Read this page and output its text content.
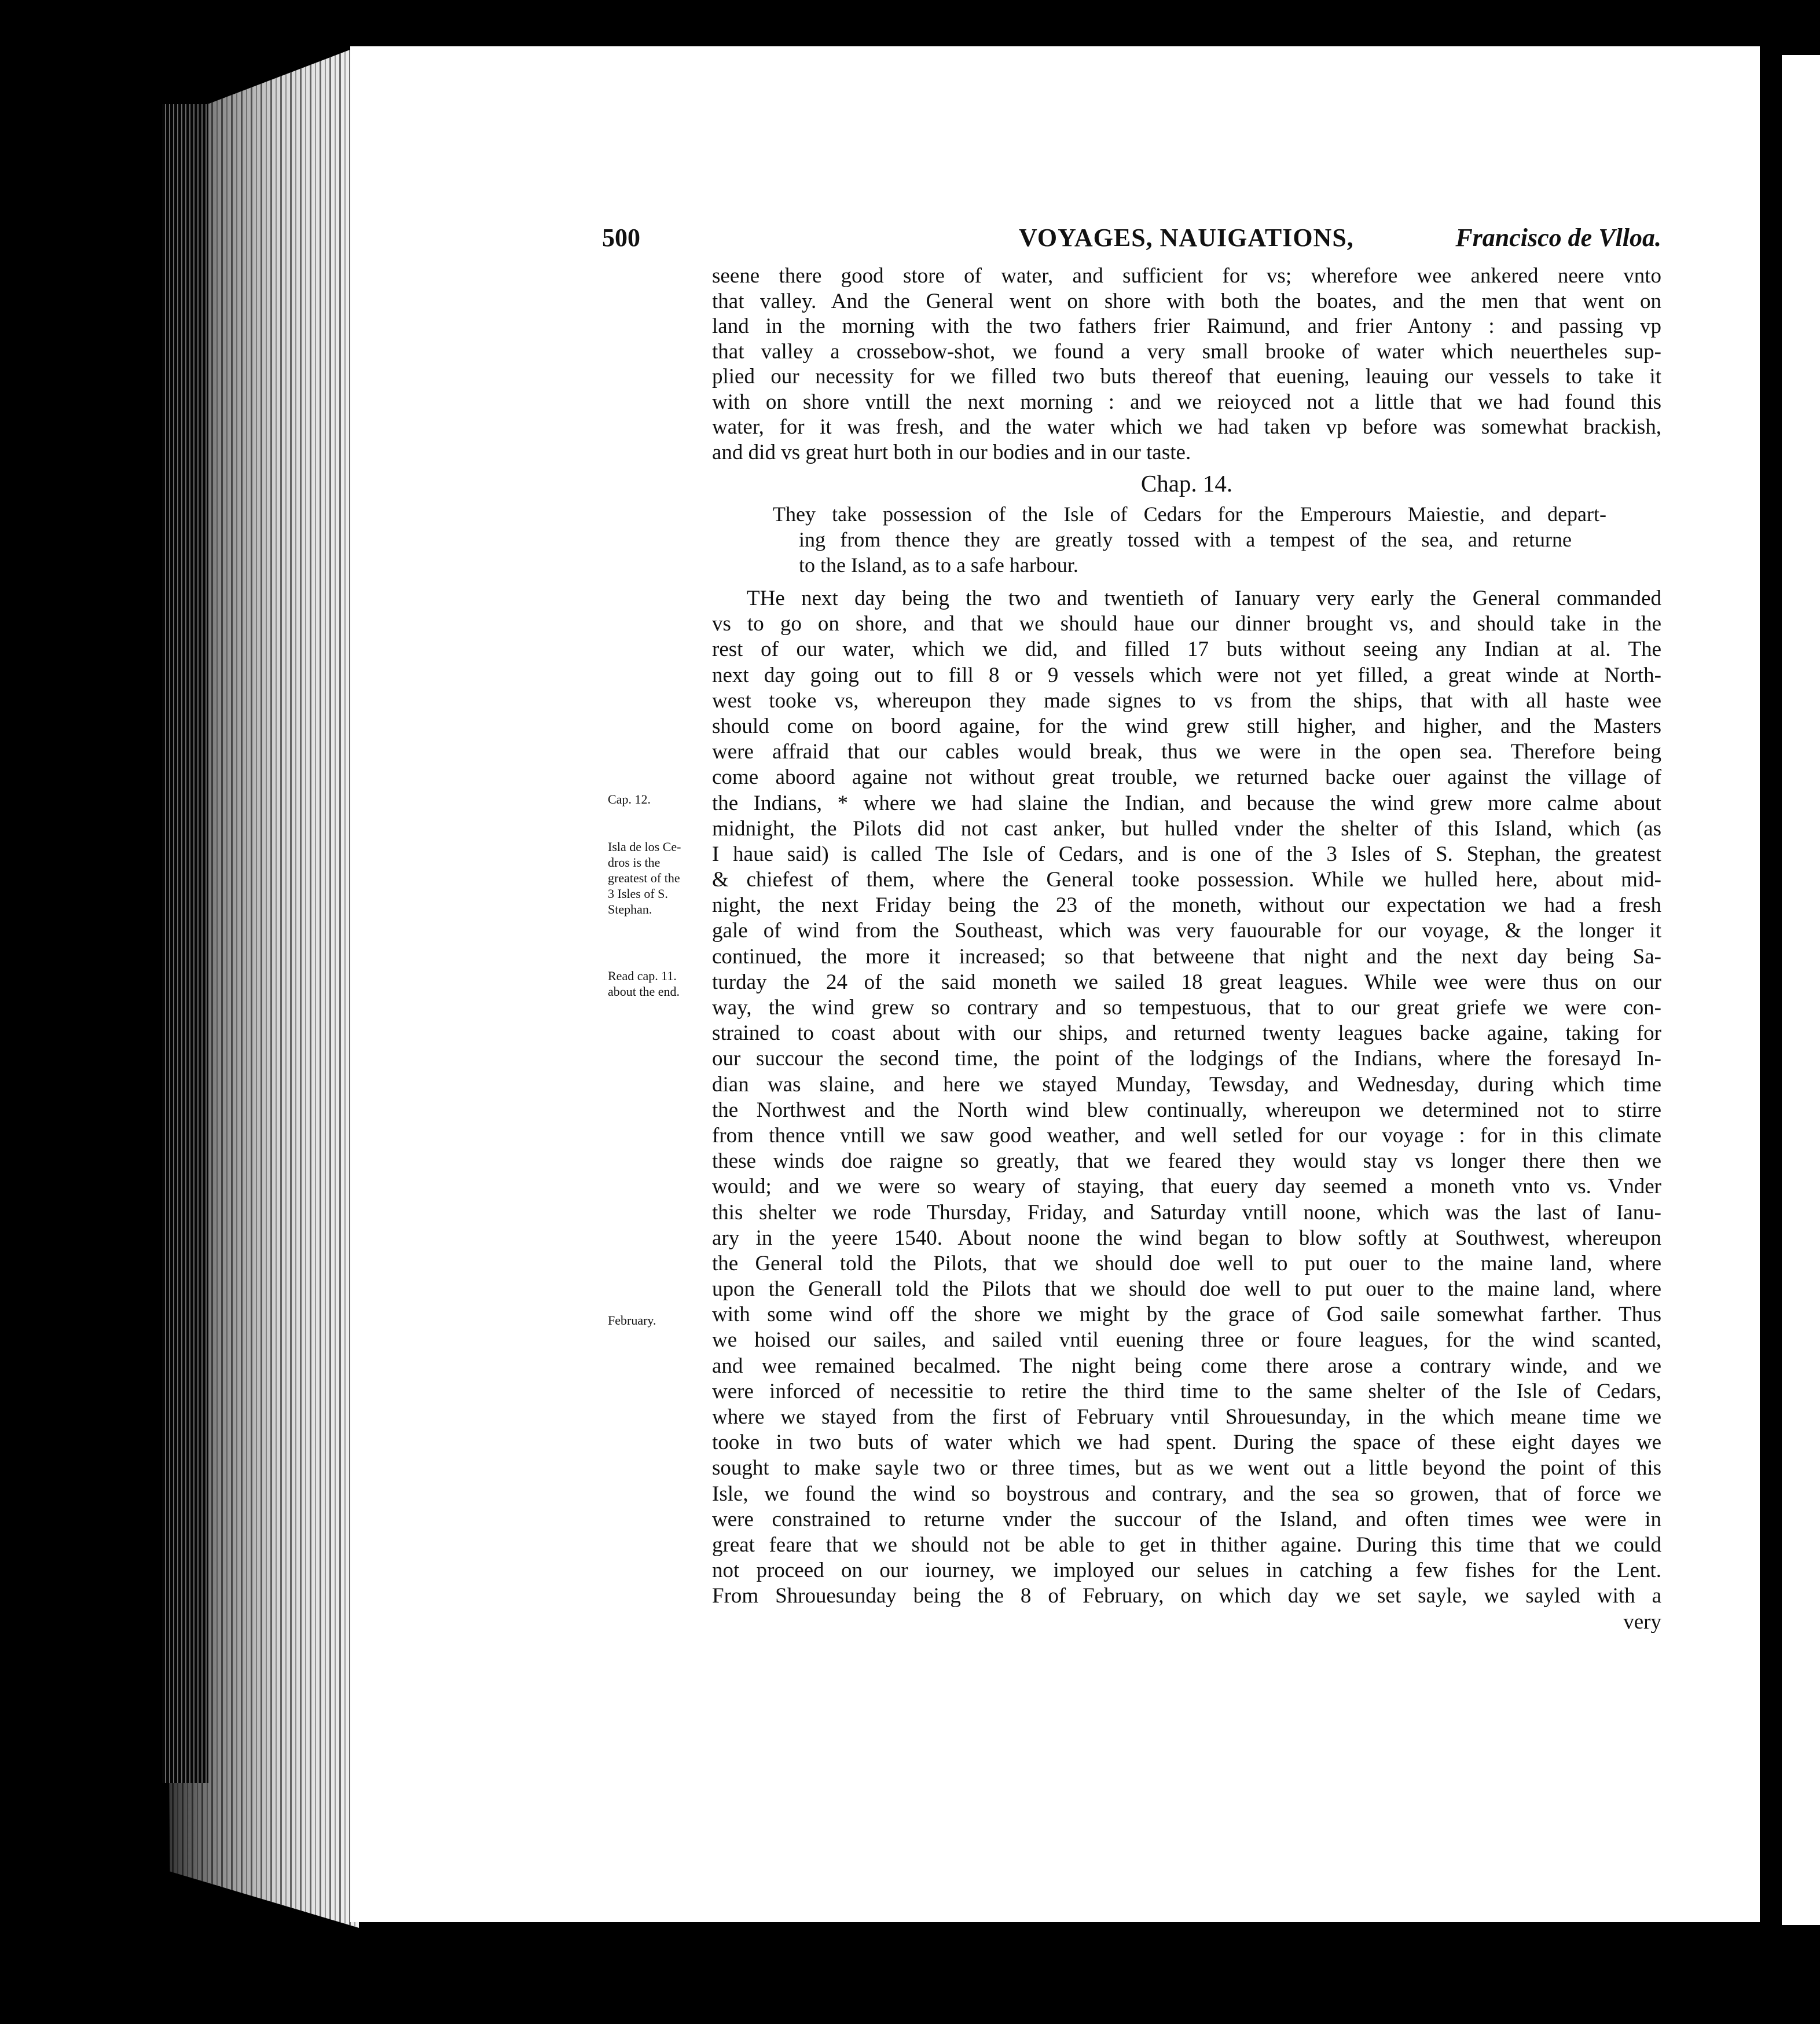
500	VOYAGES, NAUIGATIONS,	Francisco de Vlloa.
seene there good store of water, and sufficient for vs; wherefore wee ankered neere vnto
that valley. And the General went on shore with both the boates, and the men that went on
land in the morning with the two fathers frier Raimund, and frier Antony : and passing vp
that valley a crossebow-shot, we found a very small brooke of water which neuertheles sup-
plied our necessity for we filled two buts thereof that euening, leauing our vessels to take it
with on shore vntill the next morning : and we reioyced not a little that we had found this
water, for it was fresh, and the water which we had taken vp before was somewhat brackish,
and did vs great hurt both in our bodies and in our taste.
Chap. 14.
They take possession of the Isle of Cedars for the Emperours Maiestie, and depart-
ing from thence they are greatly tossed with a tempest of the sea, and returne
to the Island, as to a safe harbour.
THe next day being the two and twentieth of Ianuary very early the General commanded
vs to go on shore, and that we should haue our dinner brought vs, and should take in the
rest of our water, which we did, and filled 17 buts without seeing any Indian at al. The
next day going out to fill 8 or 9 vessels which were not yet filled, a great winde at North-
west tooke vs, whereupon they made signes to vs from the ships, that with all haste wee
should come on boord againe, for the wind grew still higher, and higher, and the Masters
were affraid that our cables would break, thus we were in the open sea. Therefore being
come aboord againe not without great trouble, we returned backe ouer against the village of
the Indians, * where we had slaine the Indian, and because the wind grew more calme about
midnight, the Pilots did not cast anker, but hulled vnder the shelter of this Island, which (as
I haue said) is called The Isle of Cedars, and is one of the 3 Isles of S. Stephan, the greatest
& chiefest of them, where the General tooke possession. While we hulled here, about mid-
night, the next Friday being the 23 of the moneth, without our expectation we had a fresh
gale of wind from the Southeast, which was very fauourable for our voyage, & the longer it
continued, the more it increased; so that betweene that night and the next day being Sa-
turday the 24 of the said moneth we sailed 18 great leagues. While wee were thus on our
way, the wind grew so contrary and so tempestuous, that to our great griefe we were con-
strained to coast about with our ships, and returned twenty leagues backe againe, taking for
our succour the second time, the point of the lodgings of the Indians, where the foresayd In-
dian was slaine, and here we stayed Munday, Tewsday, and Wednesday, during which time
the Northwest and the North wind blew continually, whereupon we determined not to stirre
from thence vntill we saw good weather, and well setled for our voyage : for in this climate
these winds doe raigne so greatly, that we feared they would stay vs longer there then we
would; and we were so weary of staying, that euery day seemed a moneth vnto vs. Vnder
this shelter we rode Thursday, Friday, and Saturday vntill noone, which was the last of Ianu-
ary in the yeere 1540. About noone the wind began to blow softly at Southwest, whereupon
the General told the Pilots, that we should doe well to put ouer to the maine land, where
upon the Generall told the Pilots that we should doe well to put ouer to the maine land, where
with some wind off the shore we might by the grace of God saile somewhat farther. Thus
we hoised our sailes, and sailed vntil euening three or foure leagues, for the wind scanted,
and wee remained becalmed. The night being come there arose a contrary winde, and we
were inforced of necessitie to retire the third time to the same shelter of the Isle of Cedars,
where we stayed from the first of February vntil Shrouesunday, in the which meane time we
tooke in two buts of water which we had spent. During the space of these eight dayes we
sought to make sayle two or three times, but as we went out a little beyond the point of this
Isle, we found the wind so boystrous and contrary, and the sea so growen, that of force we
were constrained to returne vnder the succour of the Island, and often times wee were in
great feare that we should not be able to get in thither againe. During this time that we could
not proceed on our iourney, we imployed our selues in catching a few fishes for the Lent.
From Shrouesunday being the 8 of February, on which day we set sayle, we sayled with a
very
Cap. 12.
Isla de los Ce-
dros is the
greatest of the
3 Isles of S.
Stephan.
Read cap. 11.
about the end.
February.
